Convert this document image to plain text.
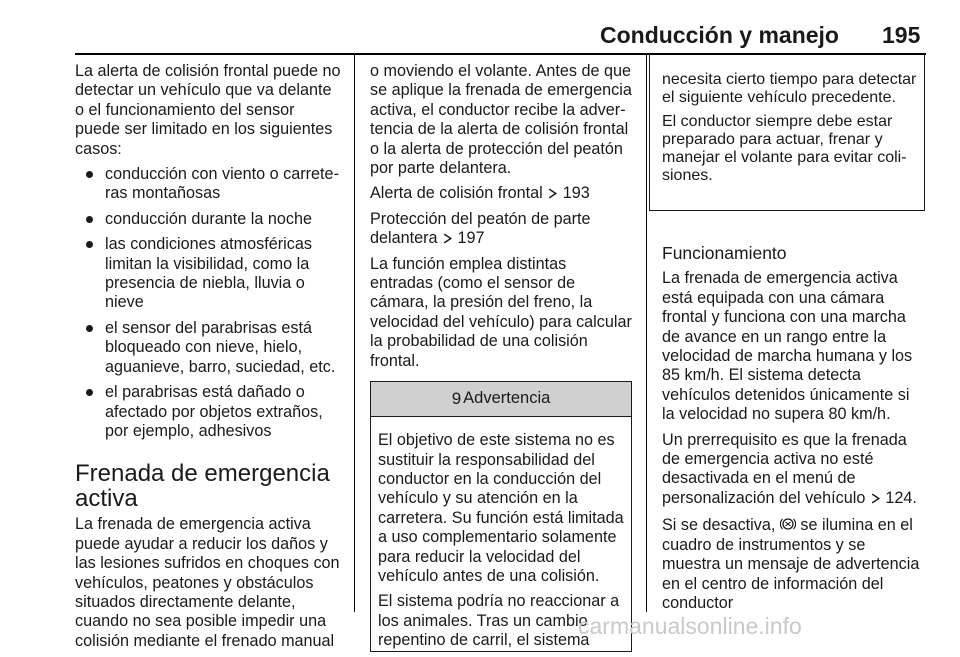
Conducción y manejo 195

La alerta de colisión frontal puede no detectar un vehículo que va delante o el funcionamiento del sensor puede ser limitado en los siguientes casos:

conducción con viento o carreteras montañosas
conducción durante la noche
las condiciones atmosféricas limitan la visibilidad, como la presencia de niebla, lluvia o nieve
el sensor del parabrisas está bloqueado con nieve, hielo, aguanieve, barro, suciedad, etc.
el parabrisas está dañado o afectado por objetos extraños, por ejemplo, adhesivos
Frenada de emergencia activa

La frenada de emergencia activa puede ayudar a reducir los daños y las lesiones sufridos en choques con vehículos, peatones y obstáculos situados directamente delante, cuando no sea posible impedir una colisión mediante el frenado manual

o moviendo el volante. Antes de que se aplique la frenada de emergencia activa, el conductor recibe la advertencia de la alerta de colisión frontal o la alerta de protección del peatón por parte delantera.

Alerta de colisión frontal  193

Protección del peatón de parte delantera  197

La función emplea distintas entradas (como el sensor de cámara, la presión del freno, la velocidad del vehículo) para calcular la probabilidad de una colisión frontal.

9 Advertencia

El objetivo de este sistema no es sustituir la responsabilidad del conductor en la conducción del vehículo y su atención en la carretera. Su función está limitada a uso complementario solamente para reducir la velocidad del vehículo antes de una colisión.

El sistema podría no reaccionar a los animales. Tras un cambio repentino de carril, el sistema

necesita cierto tiempo para detectar el siguiente vehículo precedente.

El conductor siempre debe estar preparado para actuar, frenar y manejar el volante para evitar colisiones.

Funcionamiento

La frenada de emergencia activa está equipada con una cámara frontal y funciona con una marcha de avance en un rango entre la velocidad de marcha humana y los 85 km/h. El sistema detecta vehículos detenidos únicamente si la velocidad no supera 80 km/h.

Un prerrequisito es que la frenada de emergencia activa no esté desactivada en el menú de personalización del vehículo  124.

Si se desactiva,  se ilumina en el cuadro de instrumentos y se muestra un mensaje de advertencia en el centro de información del conductor

carmanualsonline.info
